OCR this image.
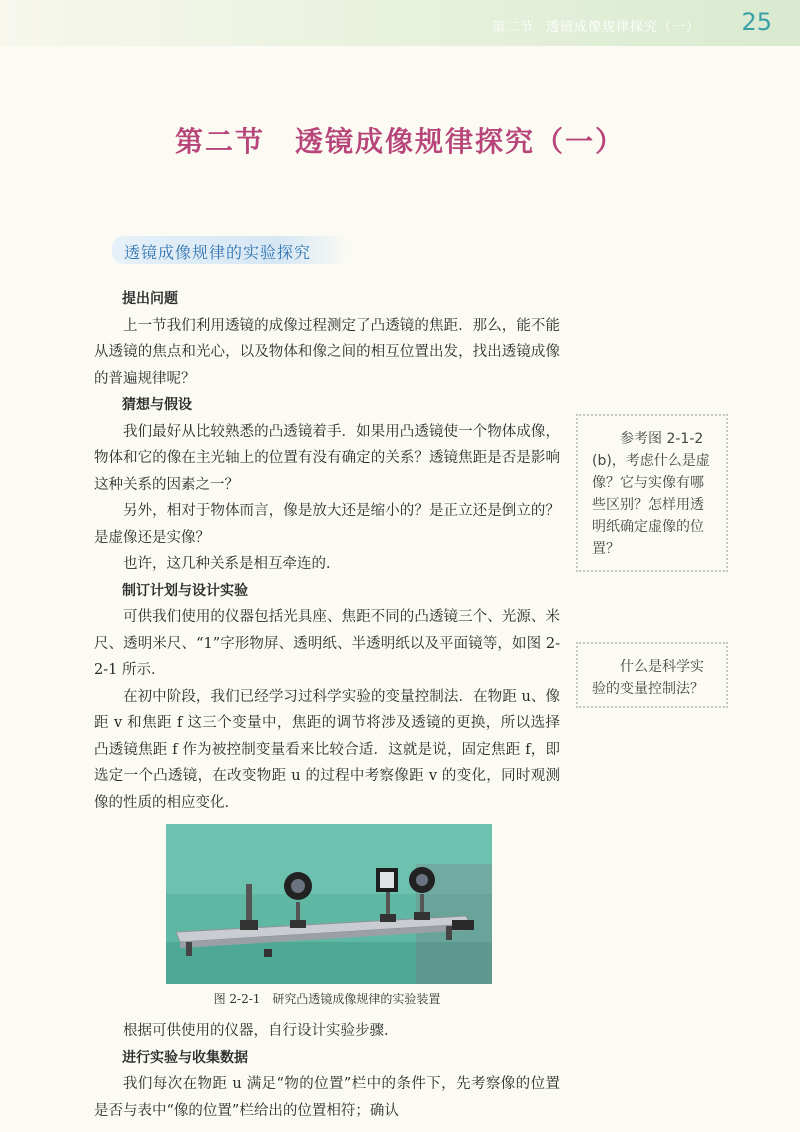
第二节 透镜成像规律探究（一） 25
第二节　透镜成像规律探究（一）
透镜成像规律的实验探究
提出问题

上一节我们利用透镜的成像过程测定了凸透镜的焦距．那么，能不能从透镜的焦点和光心，以及物体和像之间的相互位置出发，找出透镜成像的普遍规律呢？

猜想与假设

我们最好从比较熟悉的凸透镜着手．如果用凸透镜使一个物体成像，物体和它的像在主光轴上的位置有没有确定的关系？透镜焦距是否是影响这种关系的因素之一？

另外，相对于物体而言，像是放大还是缩小的？是正立还是倒立的？是虚像还是实像？

也许，这几种关系是相互牵连的．

制订计划与设计实验

可供我们使用的仪器包括光具座、焦距不同的凸透镜三个、光源、米尺、透明米尺、“1”字形物屏、透明纸、半透明纸以及平面镜等，如图 2-2-1 所示．

在初中阶段，我们已经学习过科学实验的变量控制法．在物距 u、像距 v 和焦距 f 这三个变量中，焦距的调节将涉及透镜的更换，所以选择凸透镜焦距 f 作为被控制变量看来比较合适．这就是说，固定焦距 f，即选定一个凸透镜，在改变物距 u 的过程中考察像距 v 的变化，同时观测像的性质的相应变化．

图 2-2-1　研究凸透镜成像规律的实验装置

根据可供使用的仪器，自行设计实验步骤．

进行实验与收集数据

我们每次在物距 u 满足“物的位置”栏中的条件下，先考察像的位置是否与表中“像的位置”栏给出的位置相符；确认

参考图 2-1-2 (b)，考虑什么是虚像？它与实像有哪些区别？怎样用透明纸确定虚像的位置？

什么是科学实验的变量控制法？
